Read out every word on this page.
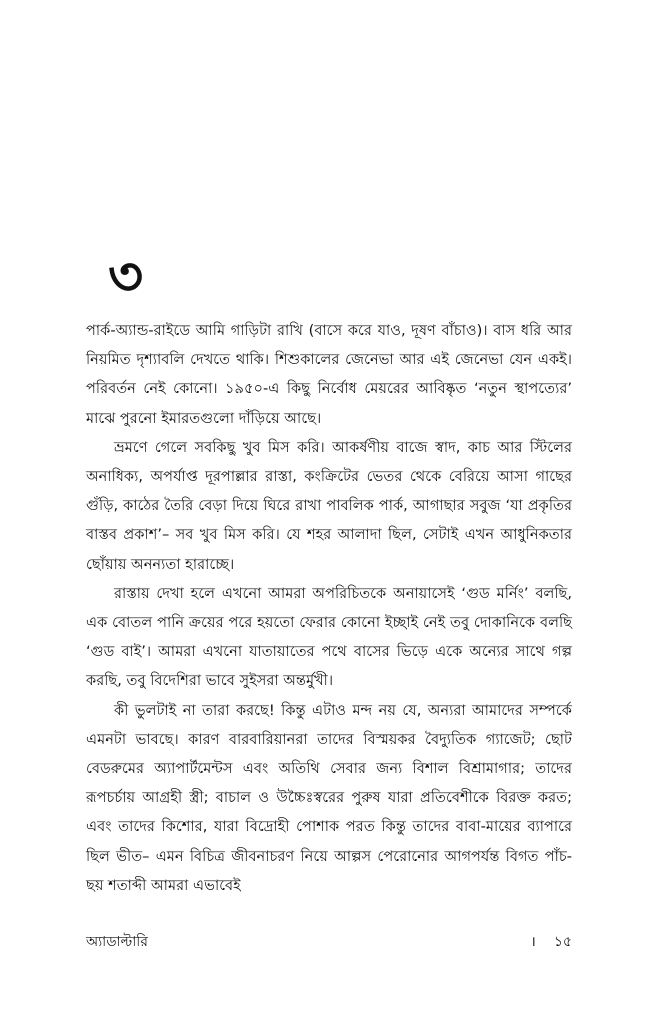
৩

পার্ক-অ্যান্ড-রাইডে আমি গাড়িটা রাখি (বাসে করে যাও, দূষণ বাঁচাও)। বাস ধরি আর নিয়মিত দৃশ্যাবলি দেখতে থাকি। শিশুকালের জেনেভা আর এই জেনেভা যেন একই। পরিবর্তন নেই কোনো। ১৯৫০-এ কিছু নির্বোধ মেয়রের আবিষ্কৃত ‘নতুন স্থাপত্যের’ মাঝে পুরনো ইমারতগুলো দাঁড়িয়ে আছে।

ভ্রমণে গেলে সবকিছু খুব মিস করি। আকর্ষণীয় বাজে স্বাদ, কাচ আর স্টিলের অনাধিক্য, অপর্যাপ্ত দূরপাল্লার রাস্তা, কংক্রিটের ভেতর থেকে বেরিয়ে আসা গাছের গুঁড়ি, কাঠের তৈরি বেড়া দিয়ে ঘিরে রাখা পাবলিক পার্ক, আগাছার সবুজ ‘যা প্রকৃতির বাস্তব প্রকাশ’– সব খুব মিস করি। যে শহর আলাদা ছিল, সেটাই এখন আধুনিকতার ছোঁয়ায় অনন্যতা হারাচ্ছে।

রাস্তায় দেখা হলে এখনো আমরা অপরিচিতকে অনায়াসেই ‘গুড মর্নিং’ বলছি, এক বোতল পানি ক্রয়ের পরে হয়তো ফেরার কোনো ইচ্ছাই নেই তবু দোকানিকে বলছি ‘গুড বাই’। আমরা এখনো যাতায়াতের পথে বাসের ভিড়ে একে অন্যের সাথে গল্প করছি, তবু বিদেশিরা ভাবে সুইসরা অন্তর্মুখী।

কী ভুলটাই না তারা করছে! কিন্তু এটাও মন্দ নয় যে, অন্যরা আমাদের সম্পর্কে এমনটা ভাবছে। কারণ বারবারিয়ানরা তাদের বিস্ময়কর বৈদ্যুতিক গ্যাজেট; ছোট বেডরুমের অ্যাপার্টমেন্টস এবং অতিথি সেবার জন্য বিশাল বিশ্রামাগার; তাদের রূপচর্চায় আগ্রহী স্ত্রী; বাচাল ও উচ্চৈঃস্বরের পুরুষ যারা প্রতিবেশীকে বিরক্ত করত; এবং তাদের কিশোর, যারা বিদ্রোহী পোশাক পরত কিন্তু তাদের বাবা-মায়ের ব্যাপারে ছিল ভীত– এমন বিচিত্র জীবনাচরণ নিয়ে আল্পস পেরোনোর আগপর্যন্ত বিগত পাঁচ-ছয় শতাব্দী আমরা এভাবেই

অ্যাডাল্টারি	। ১৫
